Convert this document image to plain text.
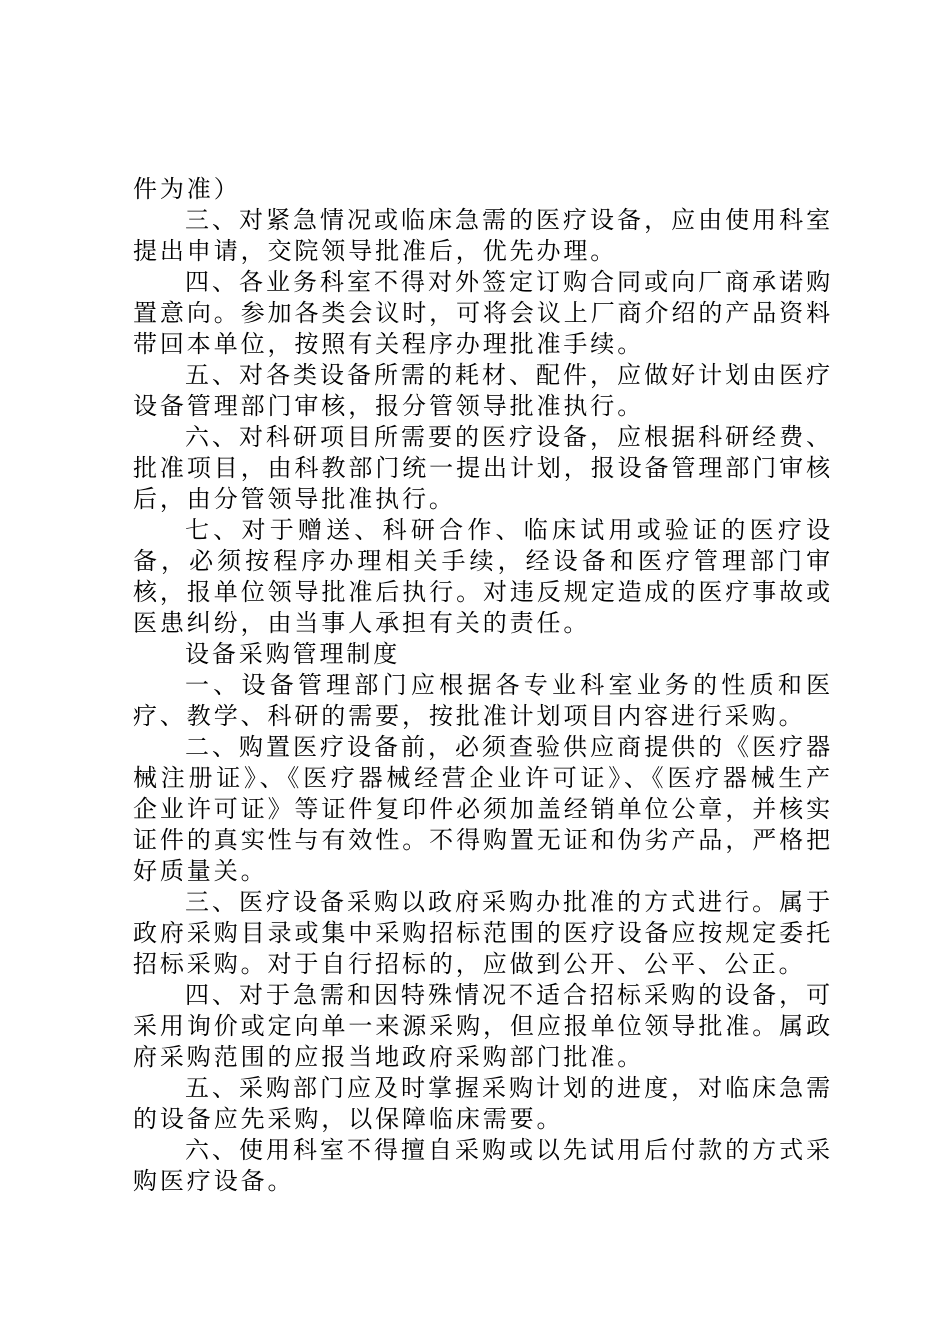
件为准）

三、对紧急情况或临床急需的医疗设备，应由使用科室提出申请，交院领导批准后，优先办理。

四、各业务科室不得对外签定订购合同或向厂商承诺购置意向。参加各类会议时，可将会议上厂商介绍的产品资料带回本单位，按照有关程序办理批准手续。

五、对各类设备所需的耗材、配件，应做好计划由医疗设备管理部门审核，报分管领导批准执行。

六、对科研项目所需要的医疗设备，应根据科研经费、批准项目，由科教部门统一提出计划，报设备管理部门审核后，由分管领导批准执行。

七、对于赠送、科研合作、临床试用或验证的医疗设备，必须按程序办理相关手续，经设备和医疗管理部门审核，报单位领导批准后执行。对违反规定造成的医疗事故或医患纠纷，由当事人承担有关的责任。

设备采购管理制度

一、设备管理部门应根据各专业科室业务的性质和医疗、教学、科研的需要，按批准计划项目内容进行采购。

二、购置医疗设备前，必须查验供应商提供的《医疗器械注册证》、《医疗器械经营企业许可证》、《医疗器械生产企业许可证》等证件复印件必须加盖经销单位公章，并核实证件的真实性与有效性。不得购置无证和伪劣产品，严格把好质量关。

三、医疗设备采购以政府采购办批准的方式进行。属于政府采购目录或集中采购招标范围的医疗设备应按规定委托招标采购。对于自行招标的，应做到公开、公平、公正。

四、对于急需和因特殊情况不适合招标采购的设备，可采用询价或定向单一来源采购，但应报单位领导批准。属政府采购范围的应报当地政府采购部门批准。

五、采购部门应及时掌握采购计划的进度，对临床急需的设备应先采购，以保障临床需要。

六、使用科室不得擅自采购或以先试用后付款的方式采购医疗设备。
